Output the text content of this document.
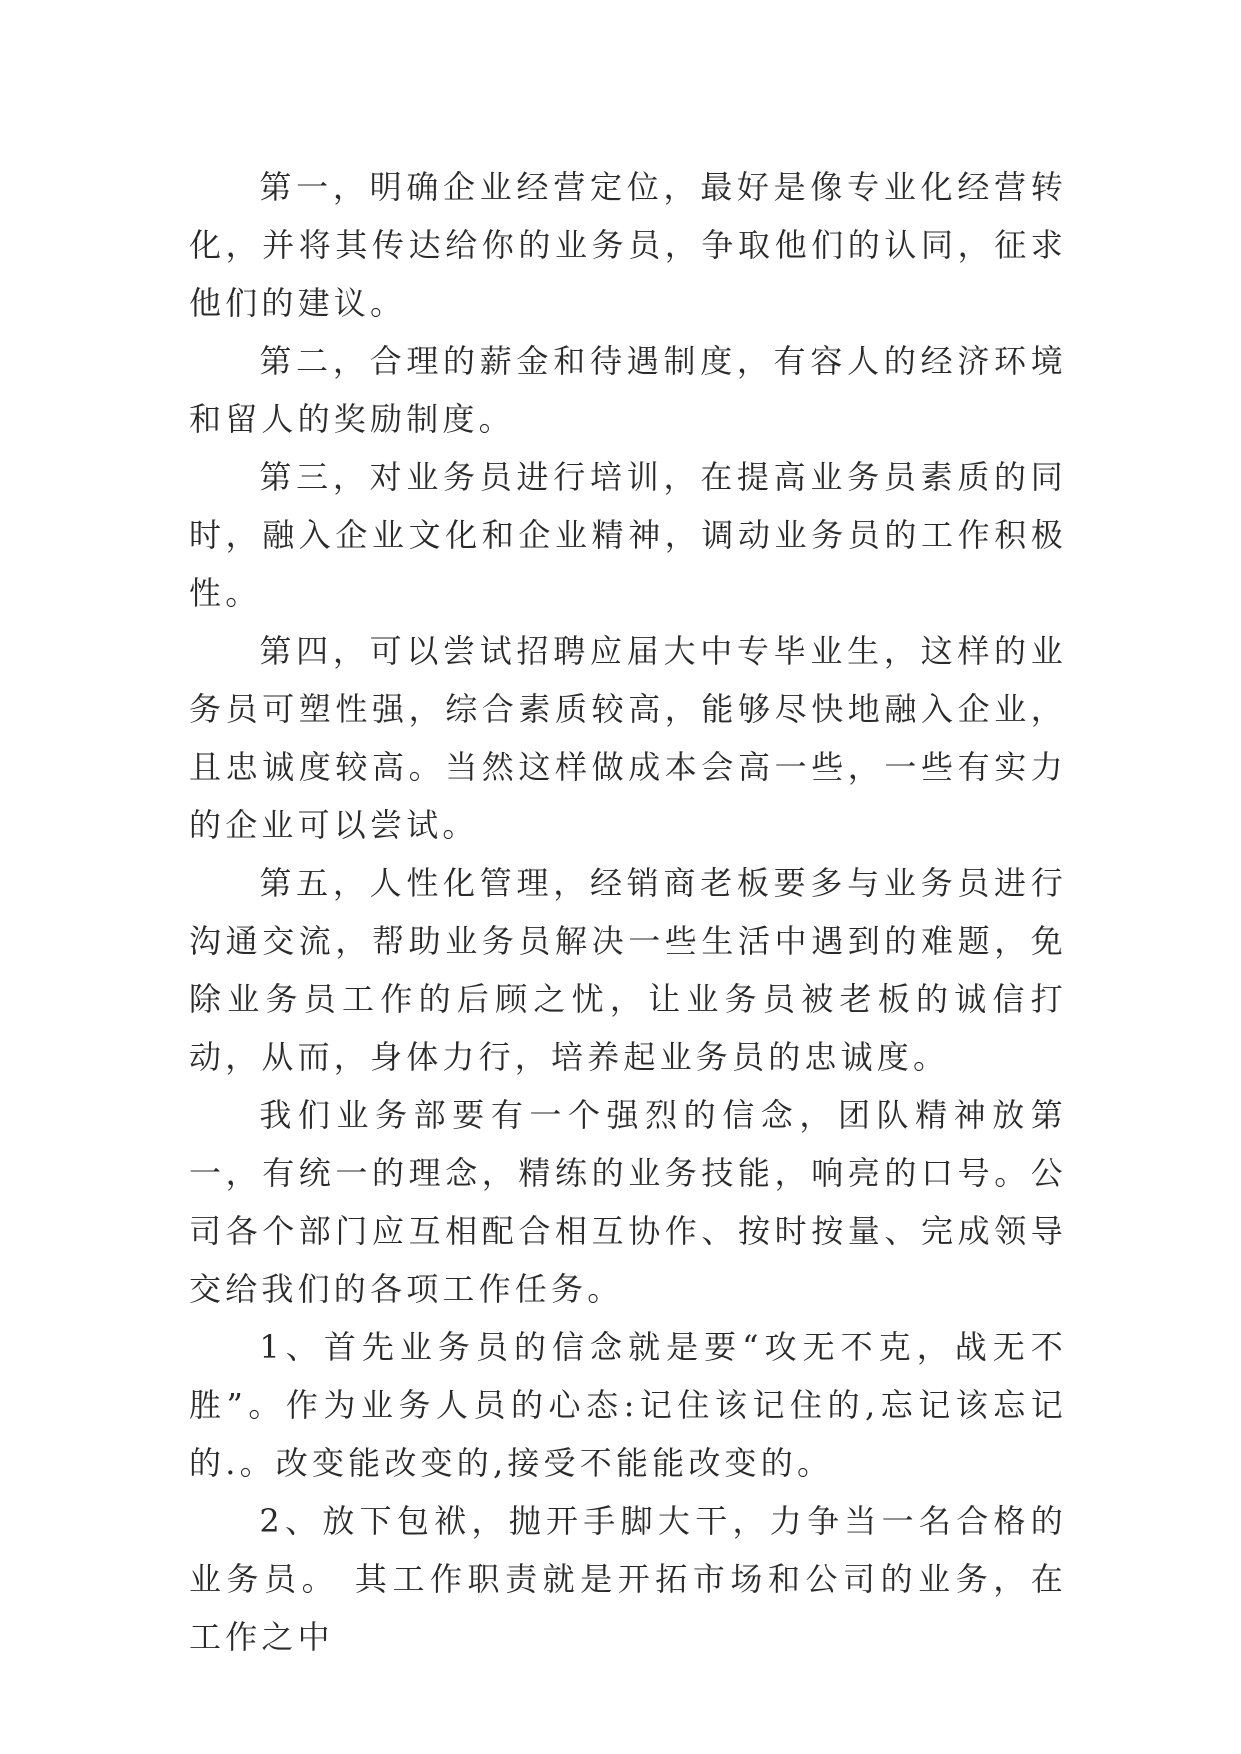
第一，明确企业经营定位，最好是像专业化经营转化，并将其传达给你的业务员，争取他们的认同，征求他们的建议。

第二，合理的薪金和待遇制度，有容人的经济环境和留人的奖励制度。

第三，对业务员进行培训，在提高业务员素质的同时，融入企业文化和企业精神，调动业务员的工作积极性。

第四，可以尝试招聘应届大中专毕业生，这样的业务员可塑性强，综合素质较高，能够尽快地融入企业，且忠诚度较高。当然这样做成本会高一些，一些有实力的企业可以尝试。

第五，人性化管理，经销商老板要多与业务员进行沟通交流，帮助业务员解决一些生活中遇到的难题，免除业务员工作的后顾之忧，让业务员被老板的诚信打动，从而，身体力行，培养起业务员的忠诚度。

我们业务部要有一个强烈的信念，团队精神放第一，有统一的理念，精练的业务技能，响亮的口号。公司各个部门应互相配合相互协作、按时按量、完成领导交给我们的各项工作任务。

1、首先业务员的信念就是要“攻无不克，战无不胜”。作为业务人员的心态:记住该记住的,忘记该忘记的.。改变能改变的,接受不能能改变的。

2、放下包袱，抛开手脚大干，力争当一名合格的业务员。 其工作职责就是开拓市场和公司的业务，在工作之中
